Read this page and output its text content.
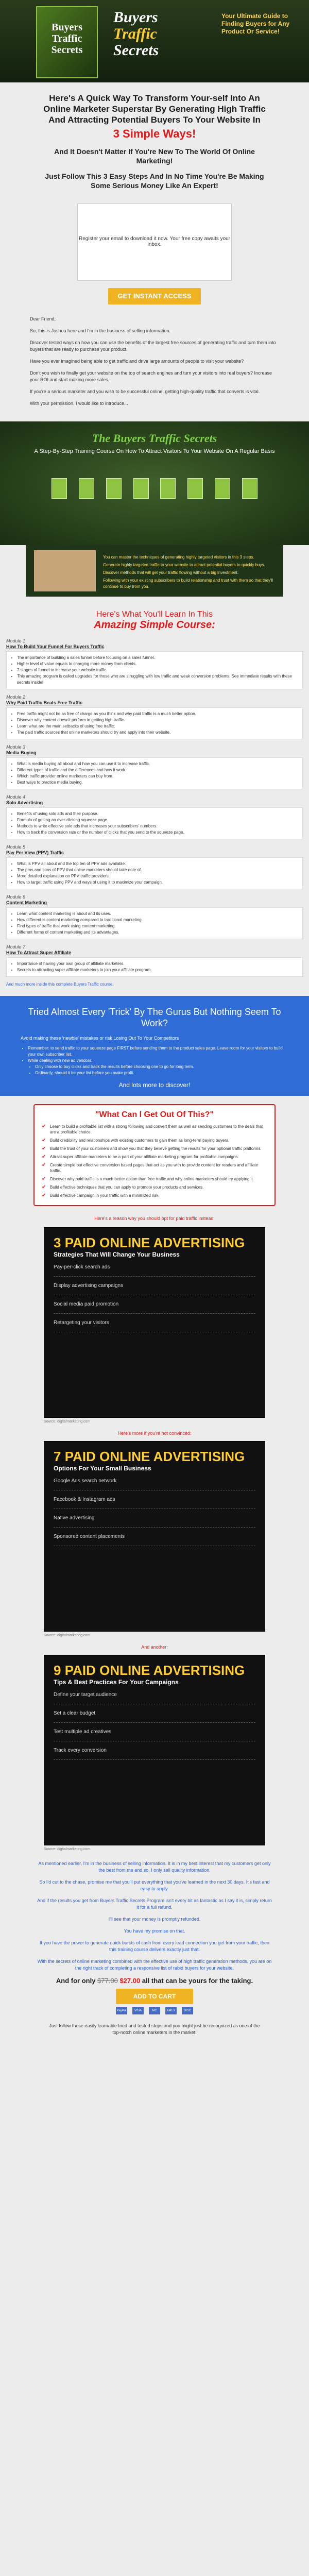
Buyers Traffic Secrets
Buyers
Traffic
Secrets
Your Ultimate Guide to Finding Buyers for Any Product Or Service!
Here's A Quick Way To Transform Your-self Into An Online Marketer Superstar By Generating High Traffic And Attracting Potential Buyers To Your Website In
3 Simple Ways!
And It Doesn't Matter If You're New To The World Of Online Marketing!
Just Follow This 3 Easy Steps And In No Time You're Be Making Some Serious Money Like An Expert!

Register your email to download it now. Your free copy awaits your inbox.

GET INSTANT ACCESS

Dear Friend,

So, this is Joshua here and I'm in the business of selling information.

Discover tested ways on how you can use the benefits of the largest free sources of generating traffic and turn them into buyers that are ready to purchase your product.

Have you ever imagined being able to get traffic and drive large amounts of people to visit your website?

Don't you wish to finally get your website on the top of search engines and turn your visitors into real buyers? Increase your ROI and start making more sales.

If you're a serious marketer and you wish to be successful online, getting high-quality traffic that converts is vital.

With your permission, I would like to introduce...

The Buyers Traffic Secrets
A Step-By-Step Training Course On How To Attract Visitors To Your Website On A Regular Basis
You can master the techniques of generating highly targeted visitors in this 3 steps.
Generate highly targeted traffic to your website to attract potential buyers to quickly buys.
Discover methods that will get your traffic flowing without a big investment.
Following with your existing subscribers to build relationship and trust with them so that they'll continue to buy from you.
Here's What You'll Learn In This
Amazing Simple Course:
Module 1
How To Build Your Funnel For Buyers Traffic
• The importance of building a sales funnel before focusing on a sales funnel.
• Higher level of value equals to charging more money from clients.
• 7 stages of funnel to increase your website traffic.
• This amazing program is called upgrades for those who are struggling with low traffic and weak conversion problems. See immediate results with these secrets inside!
Module 2
Why Paid Traffic Beats Free Traffic
• Free traffic might not be as free of charge as you think and why paid traffic is a much better option.
• Discover why content doesn't perform in getting high traffic.
• Learn what are the main setbacks of using free traffic.
• The paid traffic sources that online marketers should try and apply into their website.
Module 3
Media Buying
• What is media buying all about and how you can use it to increase traffic.
• Different types of traffic and the differences and how it work.
• Which traffic provider online marketers can buy from.
• Best ways to practice media buying.
Module 4
Solo Advertising
• Benefits of using solo ads and their purpose.
• Formula of getting an ever-clicking squeeze page.
• Methods to write effective solo ads that increases your subscribers' numbers.
• How to track the conversion rate or the number of clicks that you send to the squeeze page.
Module 5
Pay Per View (PPV) Traffic
• What is PPV all about and the top ten of PPV ads available.
• The pros and cons of PPV that online marketers should take note of.
• More detailed explanation on PPV traffic providers.
• How to target traffic using PPV and ways of using it to maximize your campaign.
Module 6
Content Marketing
• Learn what content marketing is about and its uses.
• How different is content marketing compared to traditional marketing.
• Find types of traffic that work using content marketing.
• Different forms of content marketing and its advantages.
Module 7
How To Attract Super Affiliate
• Importance of having your own group of affiliate marketers.
• Secrets to attracting super affiliate marketers to join your affiliate program.
And much more inside this complete Buyers Traffic course.
Tried Almost Every 'Trick' By The Gurus But Nothing Seem To Work?
Avoid making these 'newbie' mistakes or risk Losing Out To Your Competitors
• Remember: to send traffic to your squeeze page FIRST before sending them to the product sales page. Leave room for your visitors to build your own subscriber list.
• While dealing with new ad vendors:
• Only choose to buy clicks and track the results before choosing one to go for long term.
• Ordinarily, should it be your list before you make profit.
And lots more to discover!
"What Can I Get Out Of This?"
✔ Learn to build a profitable list with a strong following and convert them as well as sending customers to the deals that are a profitable choice.
✔ Build credibility and relationships with existing customers to gain them as long-term paying buyers.
✔ Build the trust of your customers and show you that they believe getting the results for your optional traffic platforms.
✔ Attract super affiliate marketers to be a part of your affiliate marketing program for profitable campaigns.
✔ Create simple but effective conversion based pages that act as you with to provide content for readers and affiliate traffic.
✔ Discover why paid traffic is a much better option than free traffic and why online marketers should try applying it.
✔ Build effective techniques that you can apply to promote your products and services.
✔ Build effective campaign in your traffic with a minimized risk.
Here's a reason why you should opt for paid traffic instead:
3 PAID ONLINE ADVERTISING
Strategies That Will Change Your Business
Pay-per-click search ads
Display advertising campaigns
Social media paid promotion
Retargeting your visitors
Source: digitalmarketing.com
Here's more if you're not convinced:
7 PAID ONLINE ADVERTISING
Options For Your Small Business
Google Ads search network
Facebook & Instagram ads
Native advertising
Sponsored content placements
Source: digitalmarketing.com
And another:
9 PAID ONLINE ADVERTISING
Tips & Best Practices For Your Campaigns
Define your target audience
Set a clear budget
Test multiple ad creatives
Track every conversion
Source: digitalmarketing.com

As mentioned earlier, I'm in the business of selling information. It is in my best interest that my customers get only the best from me and so, I only sell quality information.

So I'd cut to the chase, promise me that you'll put everything that you've learned in the next 30 days. It's fast and easy to apply.

And if the results you get from Buyers Traffic Secrets Program isn't every bit as fantastic as I say it is, simply return it for a full refund.

I'll see that your money is promptly refunded.

You have my promise on that.

If you have the power to generate quick bursts of cash from every lead connection you get from your traffic, then this training course delivers exactly just that.

With the secrets of online marketing combined with the effective use of high traffic generation methods, you are on the right track of completing a responsive list of rabid buyers for your website.

And for only $77.00 $27.00 all that can be yours for the taking.
ADD TO CART
PayPal	VISA	MC	AMEX	DISC
Just follow these easily learnable tried and tested steps and you might just be recognized as one of the top-notch online marketers in the market!
